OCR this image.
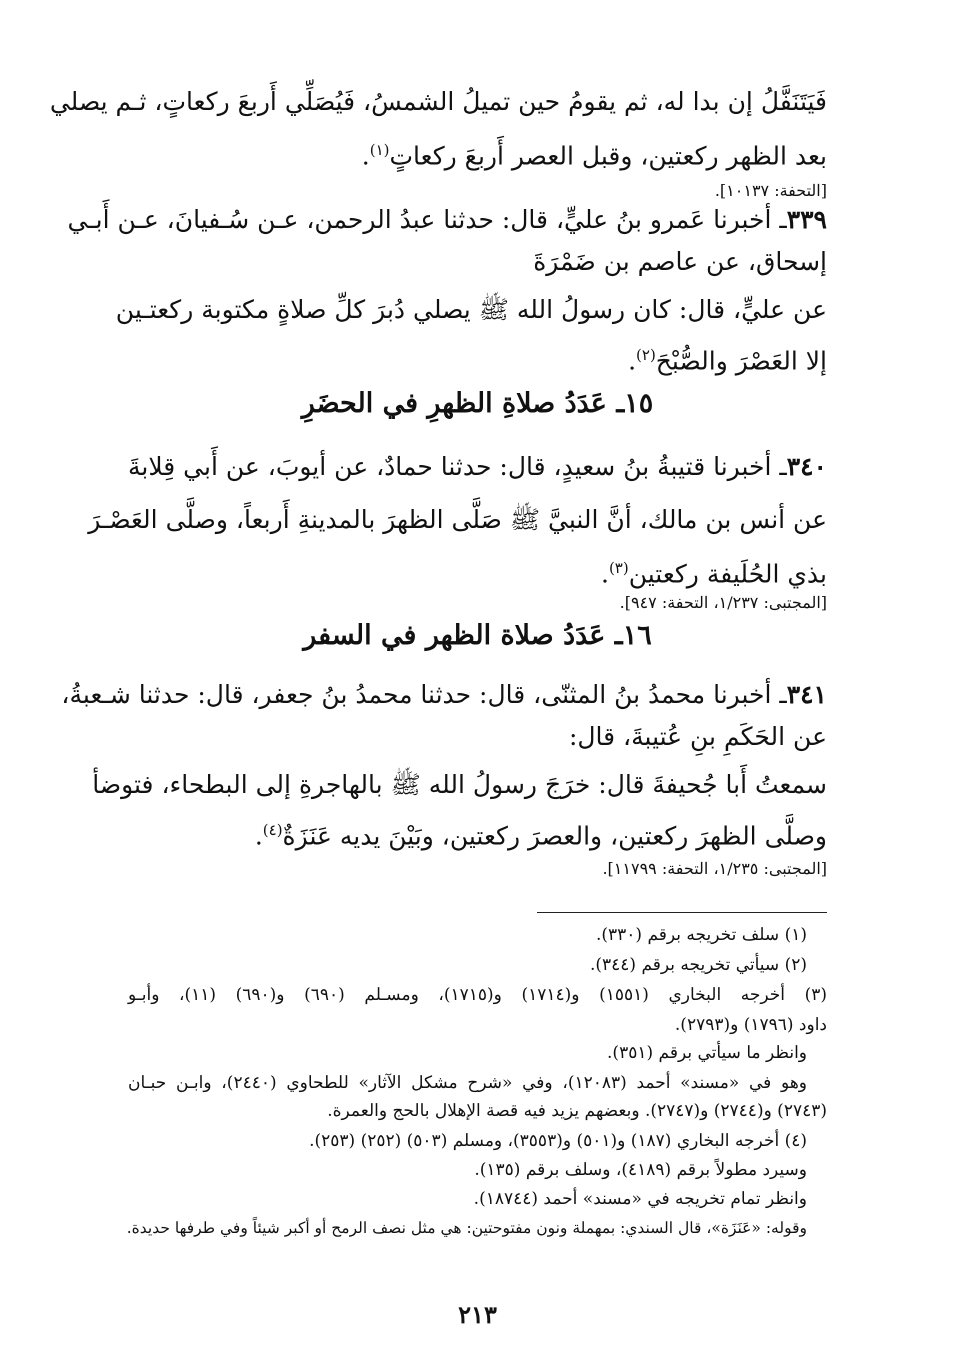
فَيَتَنَفَّلُ إن بدا له، ثم يقومُ حين تميلُ الشمسُ، فَيُصَلِّي أَربعَ ركعاتٍ، ثـم يصلي
بعد الظهر ركعتين، وقبل العصر أَربعَ ركعاتٍ$^{(١)}$.
[التحفة: ١٠١٣٧].
٣٣٩ـ أخبرنا عَمرو بنُ عليٍّ، قال: حدثنا عبدُ الرحمن، عـن سُـفيانَ، عـن أَبـي
إسحاق، عن عاصم بن ضَمْرَةَ
عن عليٍّ، قال: كان رسولُ الله ﷺ يصلي دُبرَ كلِّ صلاةٍ مكتوبة ركعتـين
إلا العَصْرَ والصُّبْحَ$^{(٢)}$.
١٥ـ عَدَدُ صلاةِ الظهرِ في الحضَرِ
٣٤٠ـ أخبرنا قتيبةُ بنُ سعيدٍ، قال: حدثنا حمادٌ، عن أيوبَ، عن أَبي قِلابةَ
عن أنس بن مالك، أنَّ النبيَّ ﷺ صَلَّى الظهرَ بالمدينةِ أَربعاً، وصلَّى العَصْـرَ
بذي الحُلَيفة ركعتين$^{(٣)}$.
[المجتبى: ١/٢٣٧، التحفة: ٩٤٧].
١٦ـ عَدَدُ صلاة الظهر في السفر
٣٤١ـ أخبرنا محمدُ بنُ المثنّى، قال: حدثنا محمدُ بنُ جعفر، قال: حدثنا شـعبةُ،
عن الحَكَمِ بنِ عُتيبةَ، قال:
سمعتُ أَبا جُحيفةَ قال: خرَجَ رسولُ الله ﷺ بالهاجرةِ إلى البطحاء، فتوضأ
وصلَّى الظهرَ ركعتين، والعصرَ ركعتين، وبَيْنَ يديه عَنَزَةٌ$^{(٤)}$.
[المجتبى: ١/٢٣٥، التحفة: ١١٧٩٩].
(١) سلف تخريجه برقم (٣٣٠).
(٢) سيأتي تخريجه برقم (٣٤٤).
(٣) أخرجه البخاري (١٥٥١) و(١٧١٤) و(١٧١٥)، ومسـلم (٦٩٠) و(٦٩٠) (١١)، وأبـو
داود (١٧٩٦) و(٢٧٩٣).
وانظر ما سيأتي برقم (٣٥١).
وهو في «مسند» أحمد (١٢٠٨٣)، وفي «شرح مشكل الآثار» للطحاوي (٢٤٤٠)، وابـن حبـان
(٢٧٤٣) و(٢٧٤٤) و(٢٧٤٧). وبعضهم يزيد فيه قصة الإهلال بالحج والعمرة.
(٤) أخرجه البخاري (١٨٧) و(٥٠١) و(٣٥٥٣)، ومسلم (٥٠٣) (٢٥٢) (٢٥٣).
وسيرد مطولاً برقم (٤١٨٩)، وسلف برقم (١٣٥).
وانظر تمام تخريجه في «مسند» أحمد (١٨٧٤٤).
وقوله: «عَنَزَة»، قال السندي: بمهملة ونون مفتوحتين: هي مثل نصف الرمح أو أكبر شيئاً وفي طرفها حديدة.
٢١٣
